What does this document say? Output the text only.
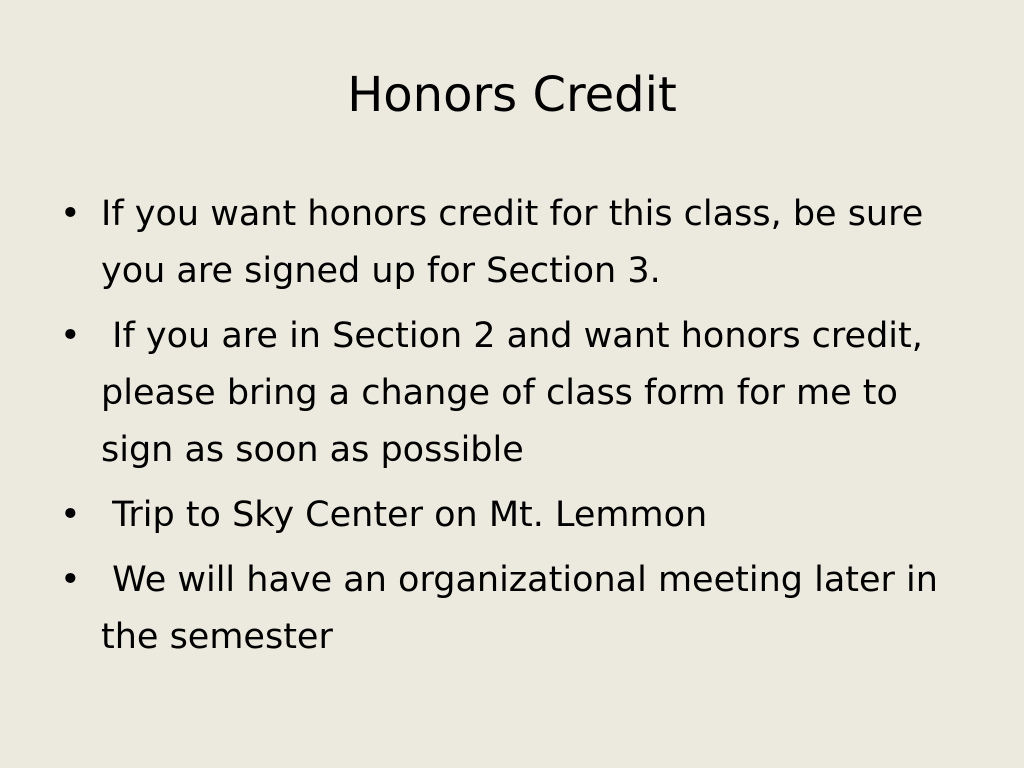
Honors Credit
• If you want honors credit for this class, be sure you are signed up for Section 3.
• If you are in Section 2 and want honors credit, please bring a change of class form for me to sign as soon as possible
• Trip to Sky Center on Mt. Lemmon
• We will have an organizational meeting later in the semester
